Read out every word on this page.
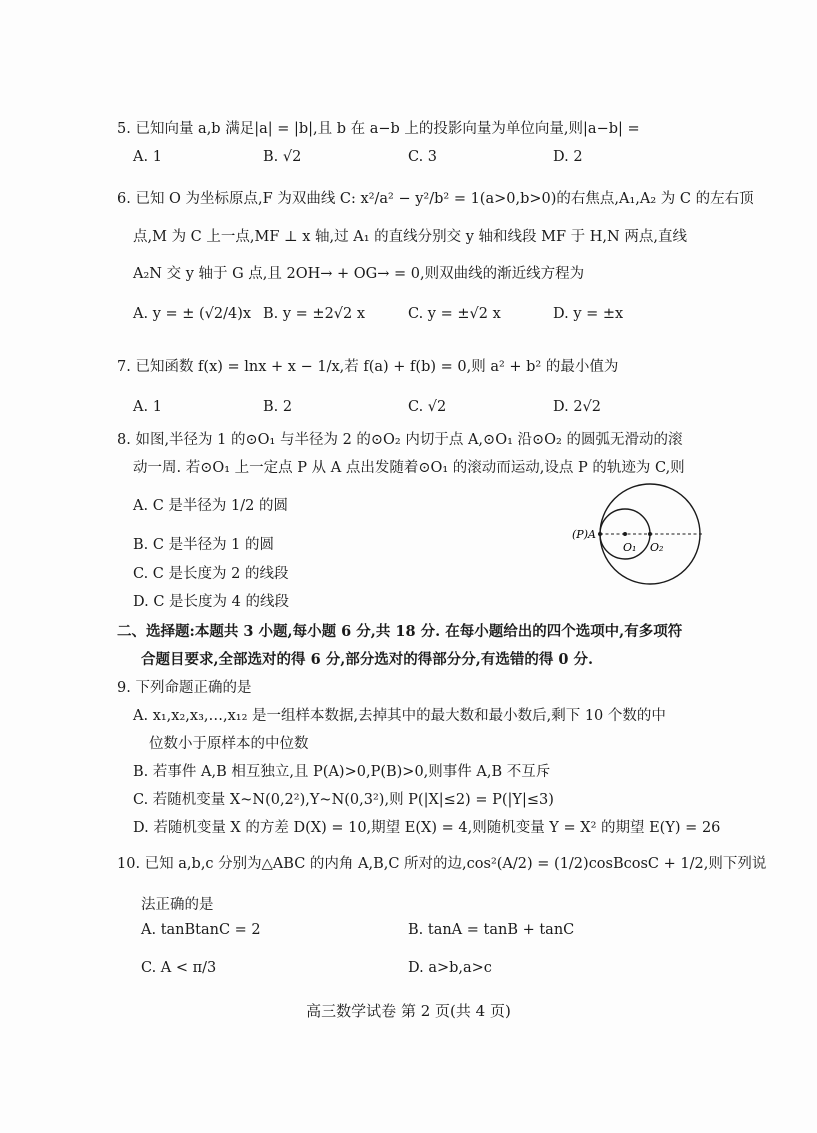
5. 已知向量 a,b 满足|a| = |b|,且 b 在 a−b 上的投影向量为单位向量,则|a−b| =
A. 1	B. √2	C. 3	D. 2
6. 已知 O 为坐标原点,F 为双曲线 C: x²/a² − y²/b² = 1(a>0,b>0)的右焦点,A₁,A₂ 为 C 的左右顶
点,M 为 C 上一点,MF ⊥ x 轴,过 A₁ 的直线分别交 y 轴和线段 MF 于 H,N 两点,直线
A₂N 交 y 轴于 G 点,且 2OH→ + OG→ = 0,则双曲线的渐近线方程为
A. y = ± (√2/4)x B. y = ±2√2 x	C. y = ±√2 x	D. y = ±x
7. 已知函数 f(x) = lnx + x − 1/x,若 f(a) + f(b) = 0,则 a² + b² 的最小值为
A. 1	B. 2	C. √2	D. 2√2
8. 如图,半径为 1 的⊙O₁ 与半径为 2 的⊙O₂ 内切于点 A,⊙O₁ 沿⊙O₂ 的圆弧无滑动的滚
动一周. 若⊙O₁ 上一定点 P 从 A 点出发随着⊙O₁ 的滚动而运动,设点 P 的轨迹为 C,则
A. C 是半径为 1/2 的圆
B. C 是半径为 1 的圆
C. C 是长度为 2 的线段
D. C 是长度为 4 的线段
(P)A
O₁ O₂
二、选择题:本题共 3 小题,每小题 6 分,共 18 分. 在每小题给出的四个选项中,有多项符
合题目要求,全部选对的得 6 分,部分选对的得部分分,有选错的得 0 分.
9. 下列命题正确的是
A. x₁,x₂,x₃,…,x₁₂ 是一组样本数据,去掉其中的最大数和最小数后,剩下 10 个数的中
位数小于原样本的中位数
B. 若事件 A,B 相互独立,且 P(A)>0,P(B)>0,则事件 A,B 不互斥
C. 若随机变量 X~N(0,2²),Y~N(0,3²),则 P(|X|≤2) = P(|Y|≤3)
D. 若随机变量 X 的方差 D(X) = 10,期望 E(X) = 4,则随机变量 Y = X² 的期望 E(Y) = 26
10. 已知 a,b,c 分别为△ABC 的内角 A,B,C 所对的边,cos²(A/2) = (1/2)cosBcosC + 1/2,则下列说
法正确的是
A. tanBtanC = 2	B. tanA = tanB + tanC
C. A < π/3	D. a>b,a>c
高三数学试卷 第 2 页(共 4 页)
